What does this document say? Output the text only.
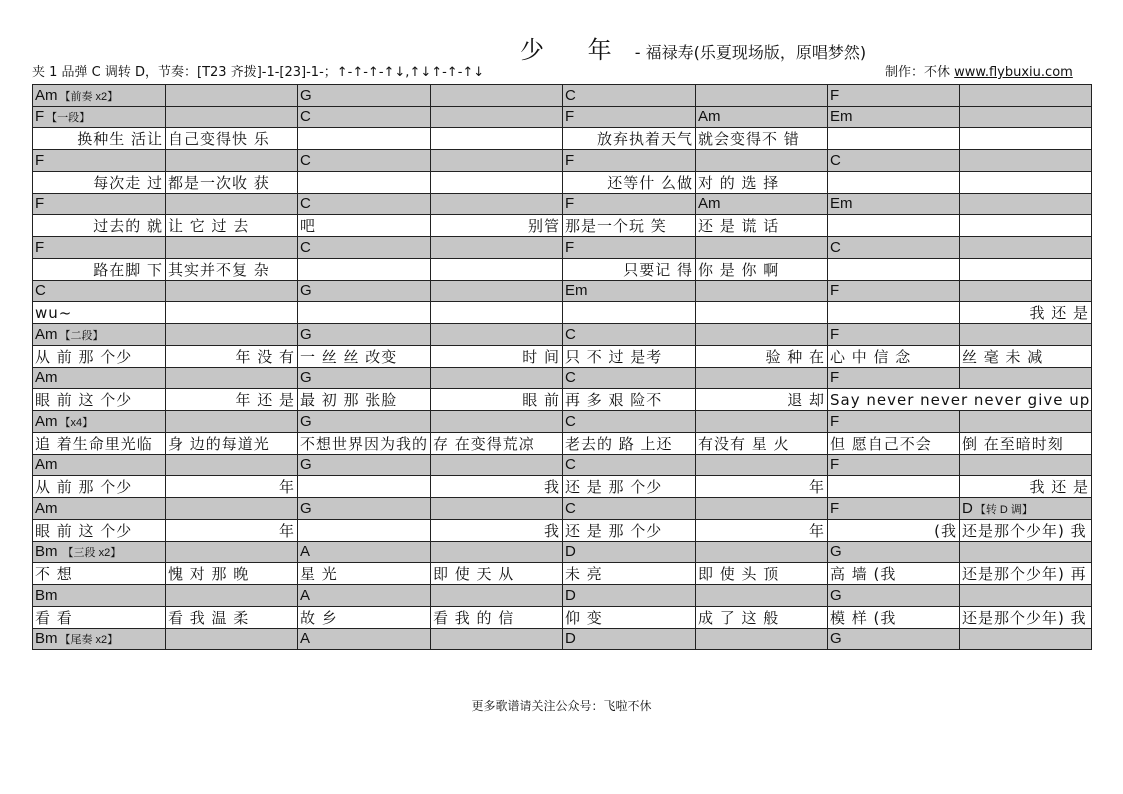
少 年 - 福禄寿(乐夏现场版，原唱梦然)
夹 1 品弹 C 调转 D，节奏：[T23 齐拨]-1-[23]-1-；↑-↑-↑-↑↓,↑↓↑-↑-↑↓	制作：不休 www.flybuxiu.com
Am 【前奏 x2】		G		C		F	
F 【一段】		C		F	Am	Em	
换种生 活让	自己变得快 乐			放弃执着天气	就会变得不 错		
F		C		F		C	
每次走 过	都是一次收 获			还等什 么做	对 的 选 择		
F		C		F	Am	Em	
过去的 就	让 它 过 去	吧	别管	那是一个玩 笑	还 是 谎 话		
F		C		F		C	
路在脚 下	其实并不复 杂			只要记 得	你 是 你 啊		
C		G		Em		F	
wu~							我 还 是
Am 【二段】		G		C		F	
从 前 那 个少	年 没 有	一 丝 丝 改变	时 间	只 不 过 是考	验 种 在	心 中 信 念	丝 毫 未 减
Am		G		C		F	
眼 前 这 个少	年 还 是	最 初 那 张脸	眼 前	再 多 艰 险不	退 却	Say never never never give up	
Am 【x4】		G		C		F	
追 着生命里光临	身 边的每道光	不想世界因为我的	存 在变得荒凉	老去的 路 上还	有没有 星 火	但 愿自己不会	倒 在至暗时刻
Am		G		C		F	
从 前 那 个少	年		我	还 是 那 个少	年		我 还 是
Am		G		C		F	D 【转 D 调】
眼 前 这 个少	年		我	还 是 那 个少	年	(我	还是那个少年) 我
Bm 【三段 x2】		A		D		G	
不 想	愧 对 那 晚	星 光	即 使 天 从	未 亮	即 使 头 顶	高 墙 (我	还是那个少年) 再
Bm		A		D		G	
看 看	看 我 温 柔	故 乡	看 我 的 信	仰 变	成 了 这 般	模 样 (我	还是那个少年) 我
Bm 【尾奏 x2】		A		D		G	
更多歌谱请关注公众号：飞啦不休
